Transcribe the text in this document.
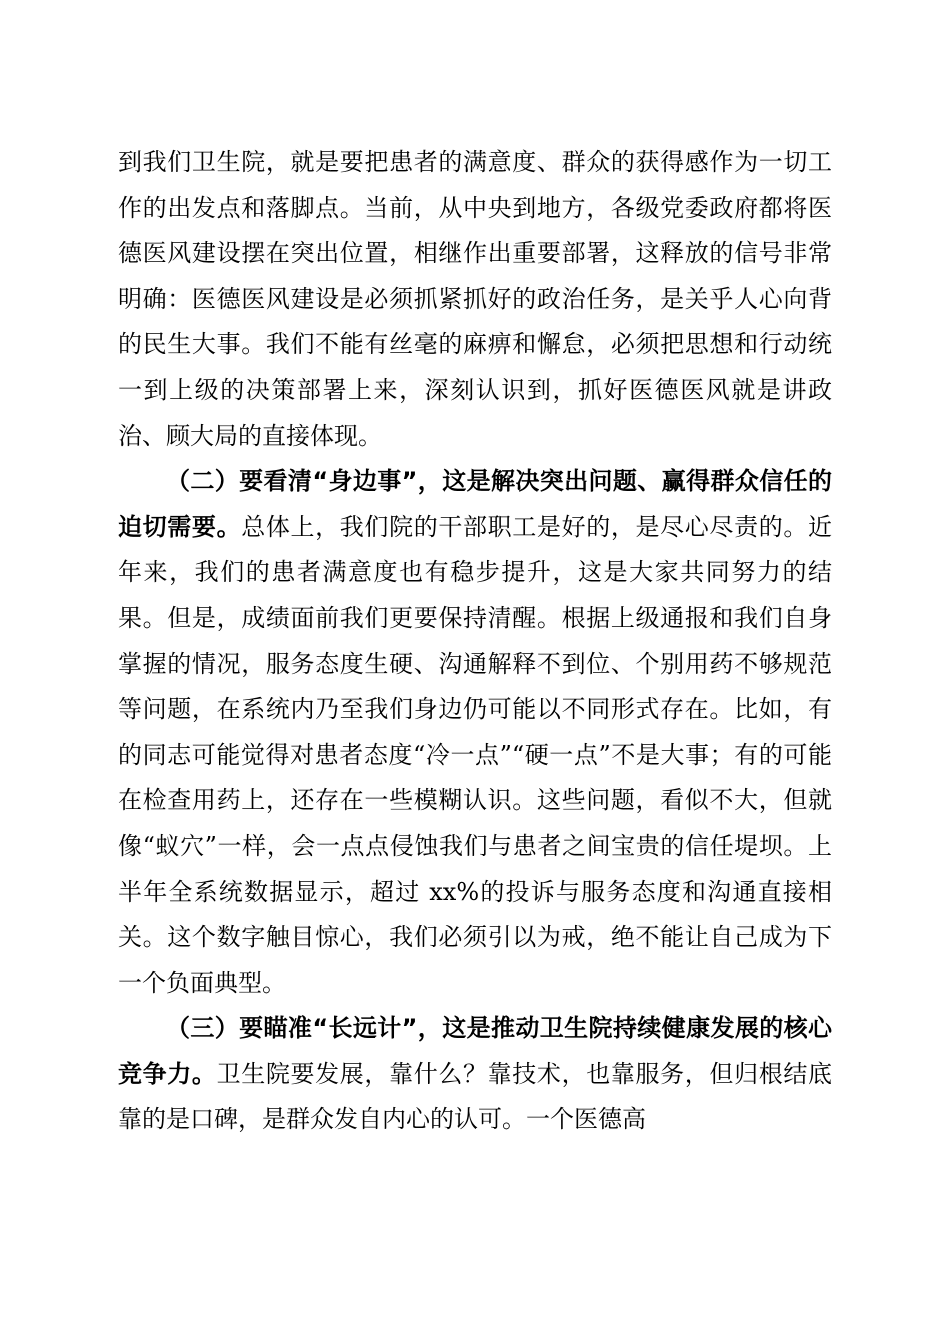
到我们卫生院，就是要把患者的满意度、群众的获得感作为一切工作的出发点和落脚点。当前，从中央到地方，各级党委政府都将医德医风建设摆在突出位置，相继作出重要部署，这释放的信号非常明确：医德医风建设是必须抓紧抓好的政治任务，是关乎人心向背的民生大事。我们不能有丝毫的麻痹和懈怠，必须把思想和行动统一到上级的决策部署上来，深刻认识到，抓好医德医风就是讲政治、顾大局的直接体现。

（二）要看清“身边事”，这是解决突出问题、赢得群众信任的迫切需要。总体上，我们院的干部职工是好的，是尽心尽责的。近年来，我们的患者满意度也有稳步提升，这是大家共同努力的结果。但是，成绩面前我们更要保持清醒。根据上级通报和我们自身掌握的情况，服务态度生硬、沟通解释不到位、个别用药不够规范等问题，在系统内乃至我们身边仍可能以不同形式存在。比如，有的同志可能觉得对患者态度“冷一点”“硬一点”不是大事；有的可能在检查用药上，还存在一些模糊认识。这些问题，看似不大，但就像“蚁穴”一样，会一点点侵蚀我们与患者之间宝贵的信任堤坝。上半年全系统数据显示，超过 xx%的投诉与服务态度和沟通直接相关。这个数字触目惊心，我们必须引以为戒，绝不能让自己成为下一个负面典型。

（三）要瞄准“长远计”，这是推动卫生院持续健康发展的核心竞争力。卫生院要发展，靠什么？靠技术，也靠服务，但归根结底靠的是口碑，是群众发自内心的认可。一个医德高
